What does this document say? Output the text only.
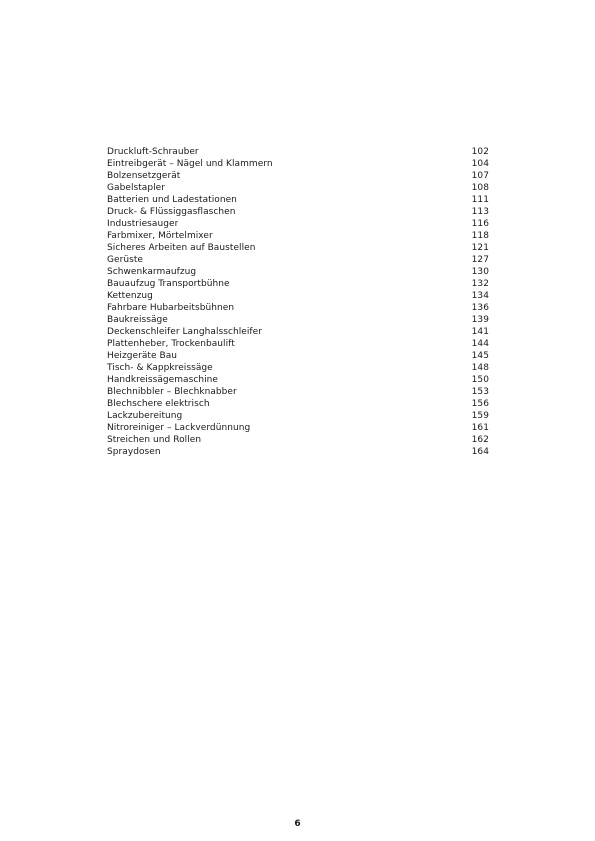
Druckluft-Schrauber	102
Eintreibgerät – Nägel und Klammern	104
Bolzensetzgerät	107
Gabelstapler	108
Batterien und Ladestationen	111
Druck- & Flüssiggasflaschen	113
Industriesauger	116
Farbmixer, Mörtelmixer	118
Sicheres Arbeiten auf Baustellen	121
Gerüste	127
Schwenkarmaufzug	130
Bauaufzug Transportbühne	132
Kettenzug	134
Fahrbare Hubarbeitsbühnen	136
Baukreissäge	139
Deckenschleifer Langhalsschleifer	141
Plattenheber, Trockenbaulift	144
Heizgeräte Bau	145
Tisch- & Kappkreissäge	148
Handkreissägemaschine	150
Blechnibbler – Blechknabber	153
Blechschere elektrisch	156
Lackzubereitung	159
Nitroreiniger – Lackverdünnung	161
Streichen und Rollen	162
Spraydosen	164
6
